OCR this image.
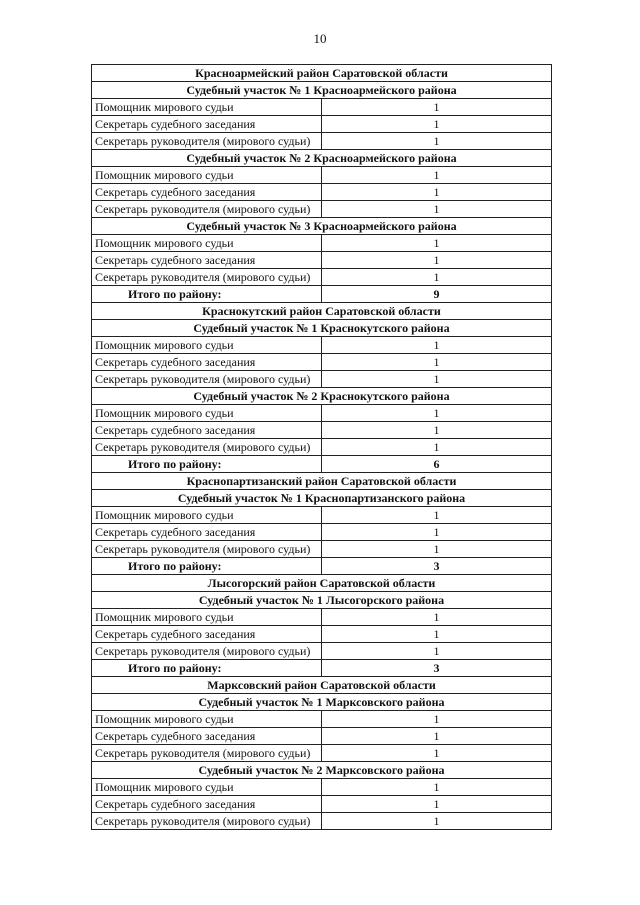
10
Красноармейский район Саратовской области	
Судебный участок № 1 Красноармейского района	
Помощник мирового судьи	1
Секретарь судебного заседания	1
Секретарь руководителя (мирового судьи)	1
Судебный участок № 2 Красноармейского района	
Помощник мирового судьи	1
Секретарь судебного заседания	1
Секретарь руководителя (мирового судьи)	1
Судебный участок № 3 Красноармейского района	
Помощник мирового судьи	1
Секретарь судебного заседания	1
Секретарь руководителя (мирового судьи)	1
Итого по району:	9
Краснокутский район Саратовской области	
Судебный участок № 1 Краснокутского района	
Помощник мирового судьи	1
Секретарь судебного заседания	1
Секретарь руководителя (мирового судьи)	1
Судебный участок № 2 Краснокутского района	
Помощник мирового судьи	1
Секретарь судебного заседания	1
Секретарь руководителя (мирового судьи)	1
Итого по району:	6
Краснопартизанский район Саратовской области	
Судебный участок № 1 Краснопартизанского района	
Помощник мирового судьи	1
Секретарь судебного заседания	1
Секретарь руководителя (мирового судьи)	1
Итого по району:	3
Лысогорский район Саратовской области	
Судебный участок № 1 Лысогорского района	
Помощник мирового судьи	1
Секретарь судебного заседания	1
Секретарь руководителя (мирового судьи)	1
Итого по району:	3
Марксовский район Саратовской области	
Судебный участок № 1 Марксовского района	
Помощник мирового судьи	1
Секретарь судебного заседания	1
Секретарь руководителя (мирового судьи)	1
Судебный участок № 2 Марксовского района	
Помощник мирового судьи	1
Секретарь судебного заседания	1
Секретарь руководителя (мирового судьи)	1
